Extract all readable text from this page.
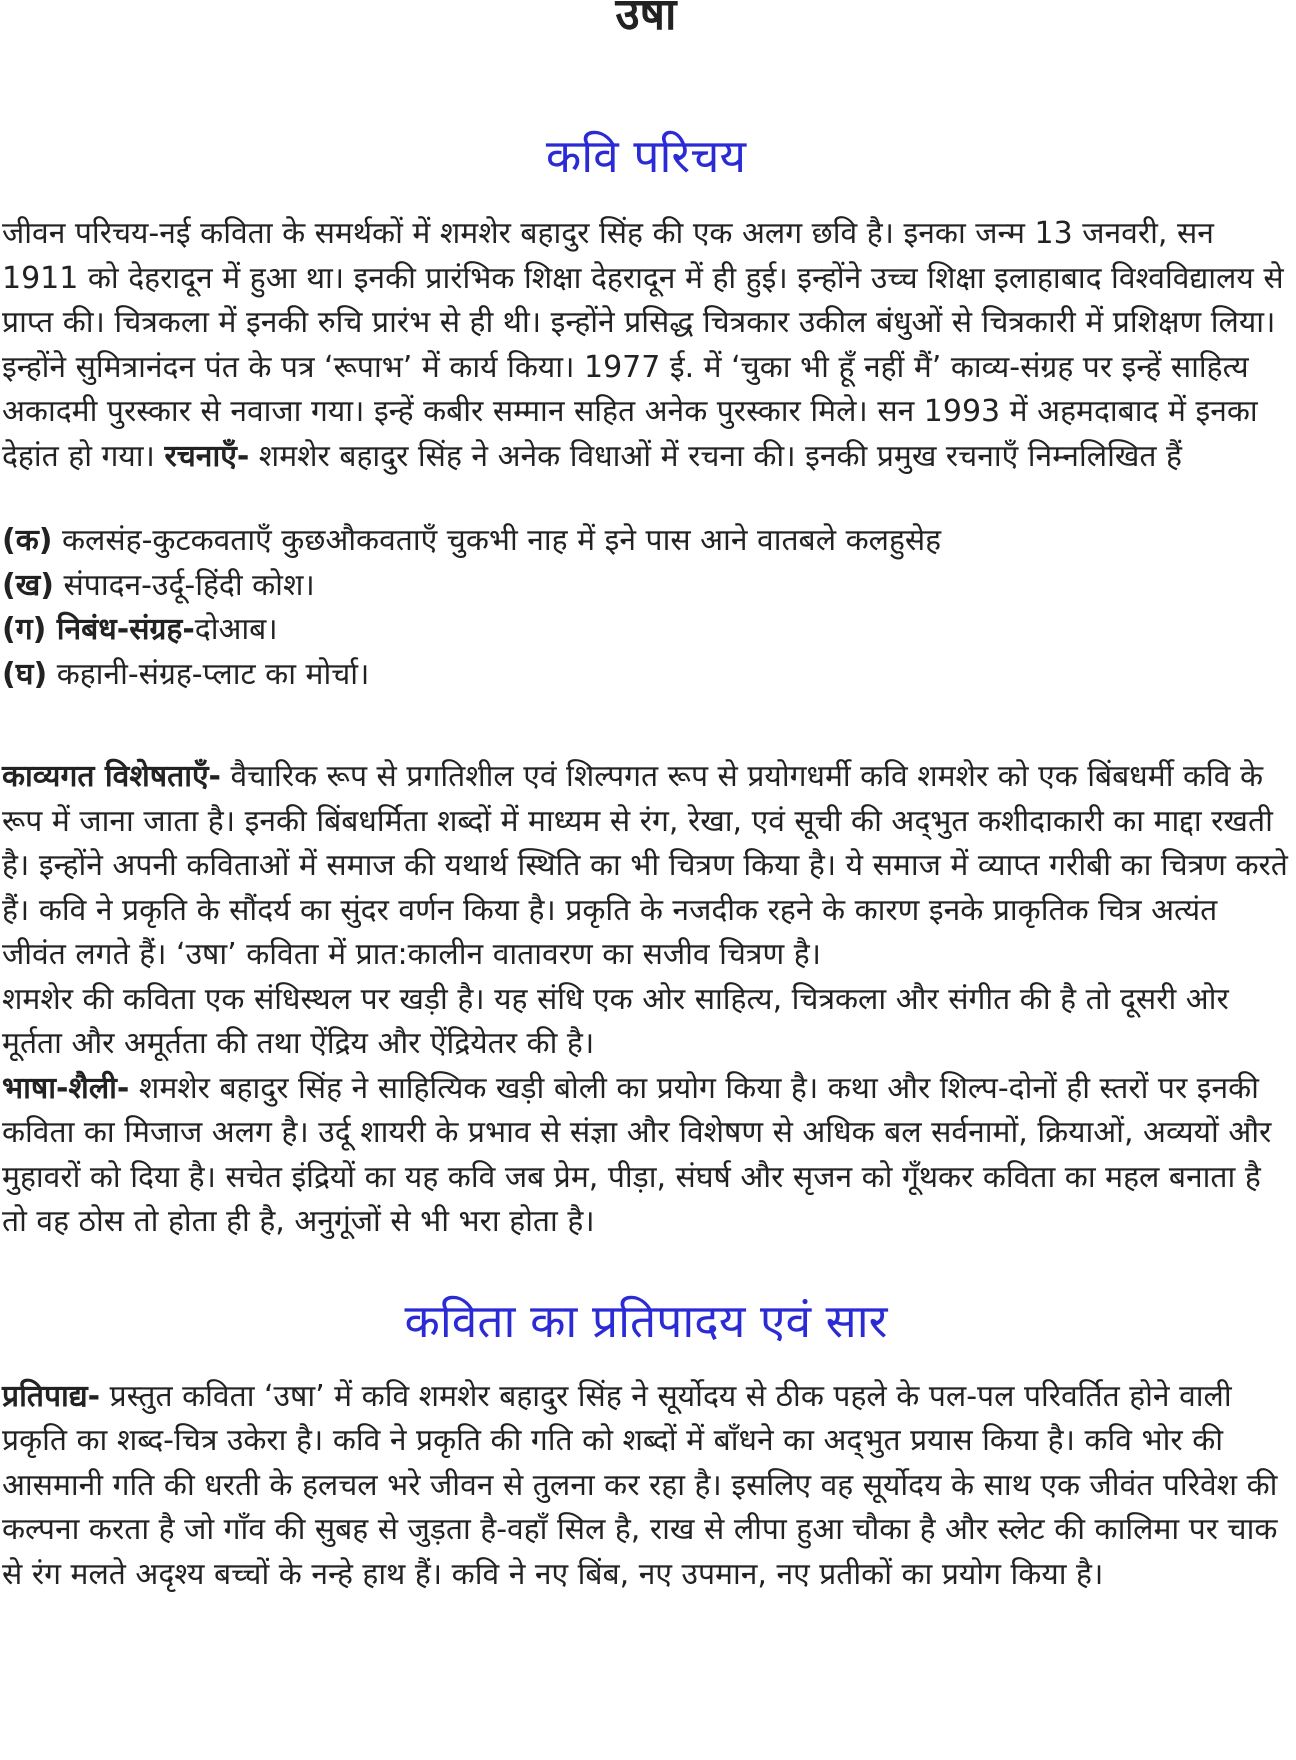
उषा
कवि परिचय

जीवन परिचय-नई कविता के समर्थकों में शमशेर बहादुर सिंह की एक अलग छवि है। इनका जन्म 13 जनवरी, सन 1911 को देहरादून में हुआ था। इनकी प्रारंभिक शिक्षा देहरादून में ही हुई। इन्होंने उच्च शिक्षा इलाहाबाद विश्वविद्यालय से प्राप्त की। चित्रकला में इनकी रुचि प्रारंभ से ही थी। इन्होंने प्रसिद्ध चित्रकार उकील बंधुओं से चित्रकारी में प्रशिक्षण लिया। इन्होंने सुमित्रानंदन पंत के पत्र ‘रूपाभ’ में कार्य किया। 1977 ई. में ‘चुका भी हूँ नहीं मैं’ काव्य-संग्रह पर इन्हें साहित्य अकादमी पुरस्कार से नवाजा गया। इन्हें कबीर सम्मान सहित अनेक पुरस्कार मिले। सन 1993 में अहमदाबाद में इनका देहांत हो गया। रचनाएँ- शमशेर बहादुर सिंह ने अनेक विधाओं में रचना की। इनकी प्रमुख रचनाएँ निम्नलिखित हैं

(क) कलसंह-कुटकवताएँ कुछऔकवताएँ चुकभी नाह में इने पास आने वातबले कलहुसेह
(ख) संपादन-उर्दू-हिंदी कोश।
(ग) निबंध-संग्रह-दोआब।
(घ) कहानी-संग्रह-प्लाट का मोर्चा।

काव्यगत विशेषताएँ- वैचारिक रूप से प्रगतिशील एवं शिल्पगत रूप से प्रयोगधर्मी कवि शमशेर को एक बिंबधर्मी कवि के रूप में जाना जाता है। इनकी बिंबधर्मिता शब्दों में माध्यम से रंग, रेखा, एवं सूची की अद्‌भुत कशीदाकारी का माद्दा रखती है। इन्होंने अपनी कविताओं में समाज की यथार्थ स्थिति का भी चित्रण किया है। ये समाज में व्याप्त गरीबी का चित्रण करते हैं। कवि ने प्रकृति के सौंदर्य का सुंदर वर्णन किया है। प्रकृति के नजदीक रहने के कारण इनके प्राकृतिक चित्र अत्यंत जीवंत लगते हैं। ‘उषा’ कविता में प्रात:कालीन वातावरण का सजीव चित्रण है।

शमशेर की कविता एक संधिस्थल पर खड़ी है। यह संधि एक ओर साहित्य, चित्रकला और संगीत की है तो दूसरी ओर मूर्तता और अमूर्तता की तथा ऐंद्रिय और ऐंद्रियेतर की है।

भाषा-शैली- शमशेर बहादुर सिंह ने साहित्यिक खड़ी बोली का प्रयोग किया है। कथा और शिल्प-दोनों ही स्तरों पर इनकी कविता का मिजाज अलग है। उर्दू शायरी के प्रभाव से संज्ञा और विशेषण से अधिक बल सर्वनामों, क्रियाओं, अव्ययों और मुहावरों को दिया है। सचेत इंद्रियों का यह कवि जब प्रेम, पीड़ा, संघर्ष और सृजन को गूँथकर कविता का महल बनाता है तो वह ठोस तो होता ही है, अनुगूंजों से भी भरा होता है।

कविता का प्रतिपादय एवं सार

प्रतिपाद्य- प्रस्तुत कविता ‘उषा’ में कवि शमशेर बहादुर सिंह ने सूर्योदय से ठीक पहले के पल-पल परिवर्तित होने वाली प्रकृति का शब्द-चित्र उकेरा है। कवि ने प्रकृति की गति को शब्दों में बाँधने का अद्‌भुत प्रयास किया है। कवि भोर की आसमानी गति की धरती के हलचल भरे जीवन से तुलना कर रहा है। इसलिए वह सूर्योदय के साथ एक जीवंत परिवेश की कल्पना करता है जो गाँव की सुबह से जुड़ता है-वहाँ सिल है, राख से लीपा हुआ चौका है और स्लेट की कालिमा पर चाक से रंग मलते अदृश्य बच्चों के नन्हे हाथ हैं। कवि ने नए बिंब, नए उपमान, नए प्रतीकों का प्रयोग किया है।
